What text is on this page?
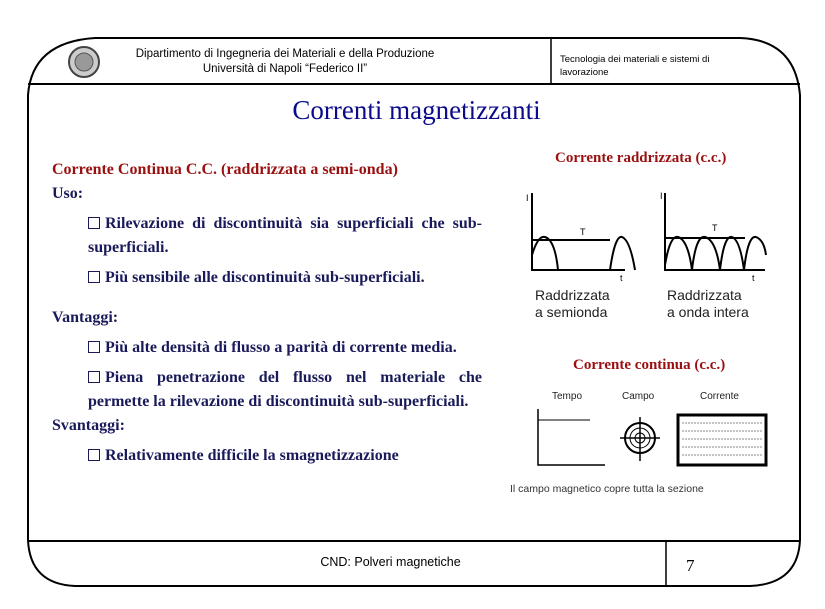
Dipartimento di Ingegneria dei Materiali e della Produzione
Università di Napoli “Federico II”
Tecnologia dei materiali e sistemi di lavorazione
Correnti magnetizzanti
Corrente Continua C.C. (raddrizzata a semi-onda)
Uso:
Rilevazione di discontinuità sia superficiali che sub-superficiali.
Più sensibile alle discontinuità sub-superficiali.
Vantaggi:
Più alte densità di flusso a parità di corrente media.
Piena penetrazione del flusso nel materiale che permette la rilevazione di discontinuità sub-superficiali.
Svantaggi:
Relativamente difficile la smagnetizzazione
Corrente raddrizzata (c.c.)
I
t
T
I
t
T
Raddrizzata
a semionda
Raddrizzata
a onda intera
Corrente continua (c.c.)
Tempo	Campo	Corrente
Il campo magnetico copre tutta la sezione
CND: Polveri magnetiche	7
